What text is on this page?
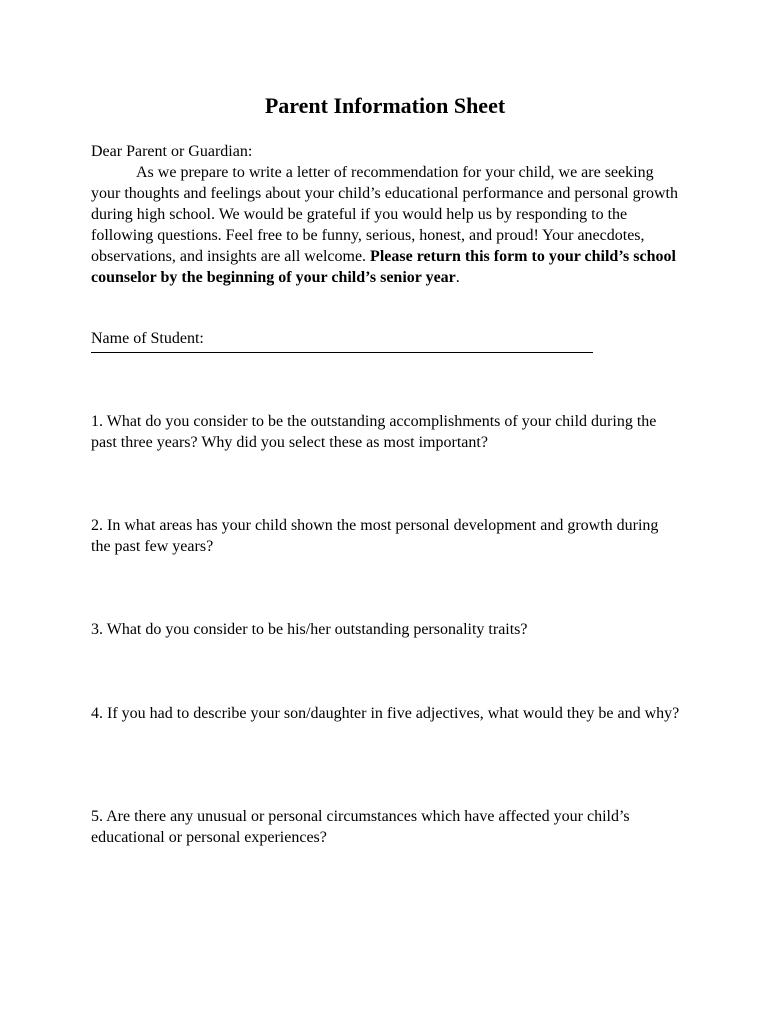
Parent Information Sheet
Dear Parent or Guardian:
As we prepare to write a letter of recommendation for your child, we are seeking your thoughts and feelings about your child’s educational performance and personal growth during high school. We would be grateful if you would help us by responding to the following questions. Feel free to be funny, serious, honest, and proud! Your anecdotes, observations, and insights are all welcome. Please return this form to your child’s school counselor by the beginning of your child’s senior year.
Name of Student:
1. What do you consider to be the outstanding accomplishments of your child during the past three years? Why did you select these as most important?
2. In what areas has your child shown the most personal development and growth during the past few years?
3. What do you consider to be his/her outstanding personality traits?
4. If you had to describe your son/daughter in five adjectives, what would they be and why?
5. Are there any unusual or personal circumstances which have affected your child’s educational or personal experiences?
